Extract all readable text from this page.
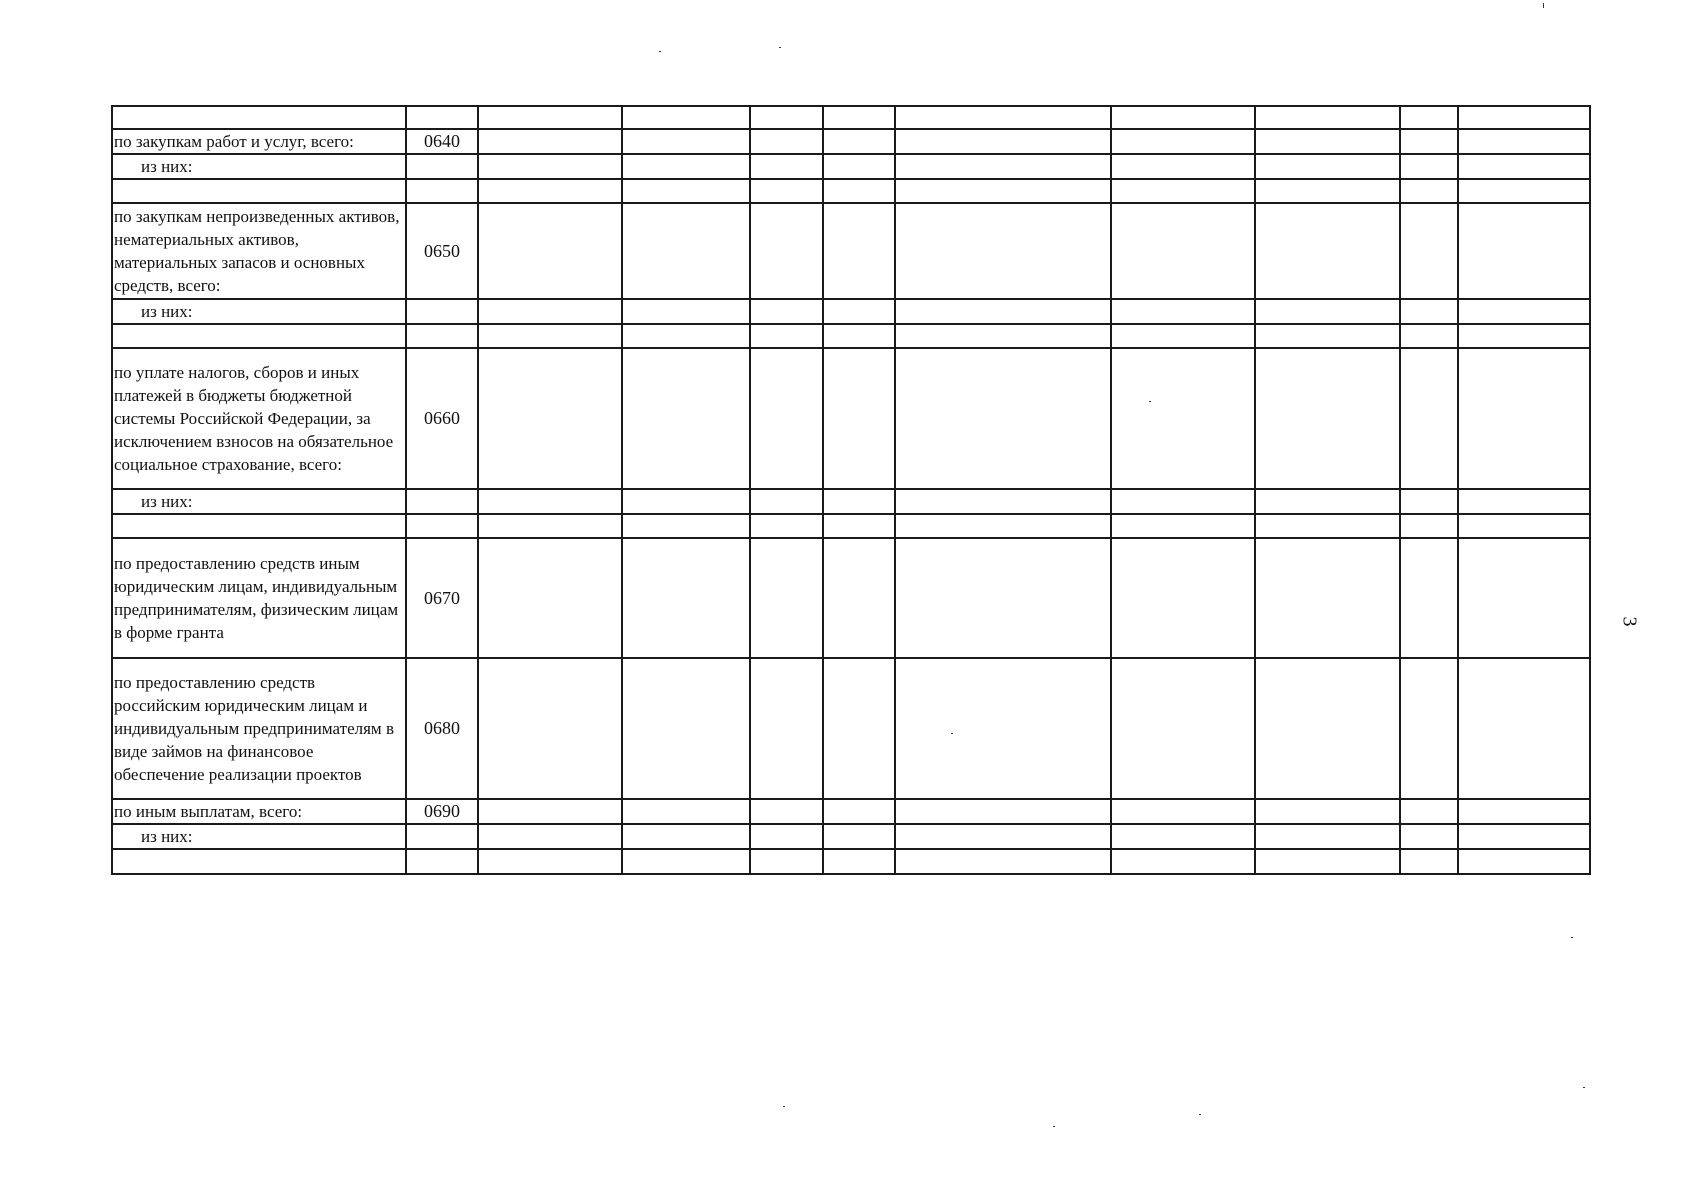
по закупкам работ и услуг, всего:	0640										
из них:											

по закупкам непроизведенных активов, нематериальных активов, материальных запасов и основных средств, всего:	0650										
из них:											

по уплате налогов, сборов и иных платежей в бюджеты бюджетной системы Российской Федерации, за исключением взносов на обязательное социальное страхование, всего:	0660										
из них:											

по предоставлению средств иным юридическим лицам, индивидуальным предпринимателям, физическим лицам в форме гранта	0670										
по предоставлению средств российским юридическим лицам и индивидуальным предпринимателям в виде займов на финансовое обеспечение реализации проектов	0680										
по иным выплатам, всего:	0690										
из них:											

3
